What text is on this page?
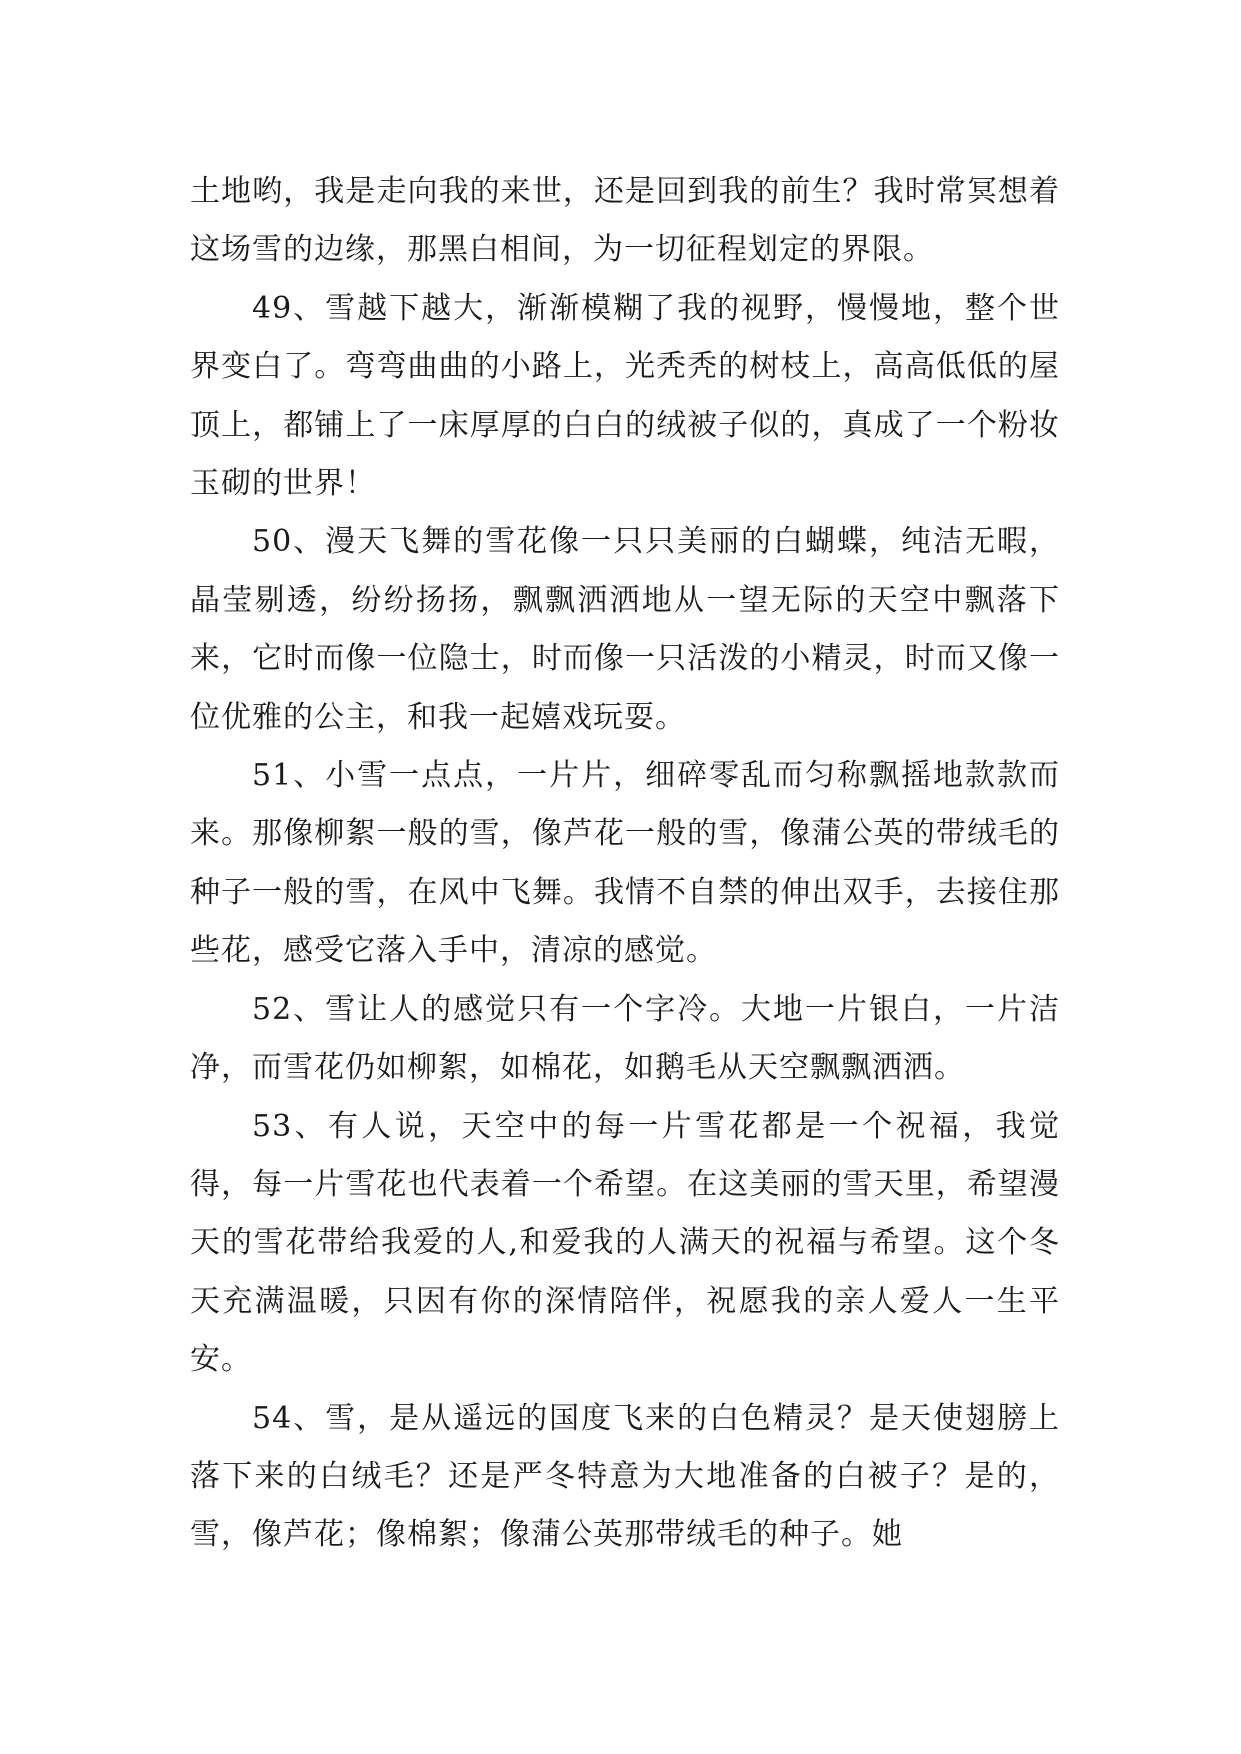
土地哟，我是走向我的来世，还是回到我的前生？我时常冥想着这场雪的边缘，那黑白相间，为一切征程划定的界限。

49、雪越下越大，渐渐模糊了我的视野，慢慢地，整个世界变白了。弯弯曲曲的小路上，光秃秃的树枝上，高高低低的屋顶上，都铺上了一床厚厚的白白的绒被子似的，真成了一个粉妆玉砌的世界！

50、漫天飞舞的雪花像一只只美丽的白蝴蝶，纯洁无暇，晶莹剔透，纷纷扬扬，飘飘洒洒地从一望无际的天空中飘落下来，它时而像一位隐士，时而像一只活泼的小精灵，时而又像一位优雅的公主，和我一起嬉戏玩耍。

51、小雪一点点，一片片，细碎零乱而匀称飘摇地款款而来。那像柳絮一般的雪，像芦花一般的雪，像蒲公英的带绒毛的种子一般的雪，在风中飞舞。我情不自禁的伸出双手，去接住那些花，感受它落入手中，清凉的感觉。

52、雪让人的感觉只有一个字冷。大地一片银白，一片洁净，而雪花仍如柳絮，如棉花，如鹅毛从天空飘飘洒洒。

53、有人说，天空中的每一片雪花都是一个祝福，我觉得，每一片雪花也代表着一个希望。在这美丽的雪天里，希望漫天的雪花带给我爱的人,和爱我的人满天的祝福与希望。这个冬天充满温暖，只因有你的深情陪伴，祝愿我的亲人爱人一生平安。

54、雪，是从遥远的国度飞来的白色精灵？是天使翅膀上落下来的白绒毛？还是严冬特意为大地准备的白被子？是的，雪，像芦花；像棉絮；像蒲公英那带绒毛的种子。她
